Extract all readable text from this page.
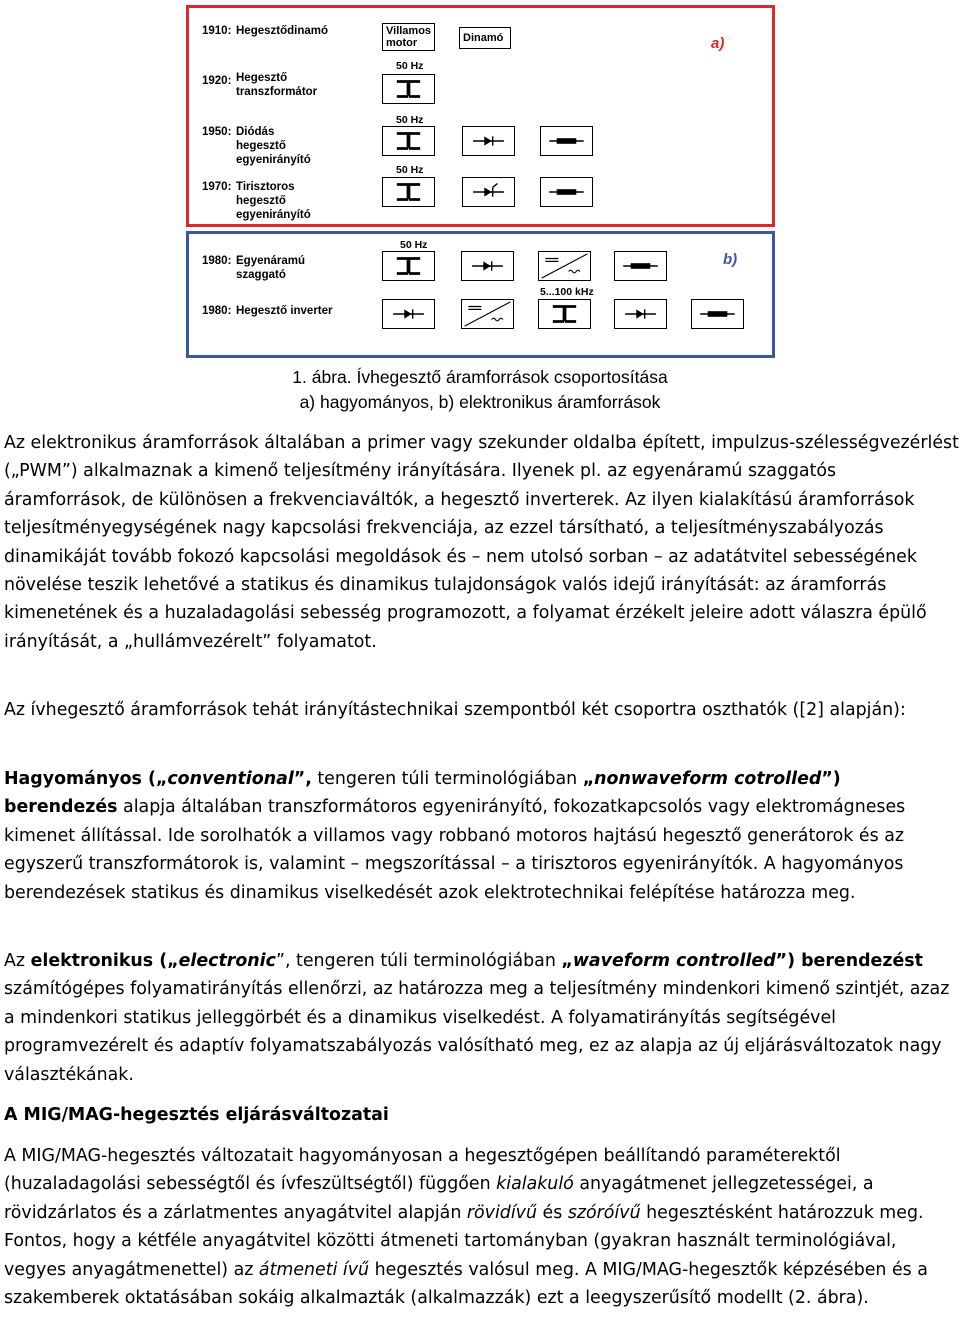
a)
1910: Hegesztődinamó
1920: Hegesztő
transzformátor
1950: Diódás
hegesztő
egyenirányító
1970: Tirisztoros
hegesztő
egyenirányító
Villamos
motor	Dinamó
50 Hz
50 Hz
50 Hz
b)
1980: Egyenáramú
szaggató
1980: Hegesztő inverter
50 Hz
5...100 kHz
1. ábra. Ívhegesztő áramforrások csoportosítása
a) hagyományos, b) elektronikus áramforrások

Az elektronikus áramforrások általában a primer vagy szekunder oldalba épített, impulzus-szélességvezérlést („PWM”) alkalmaznak a kimenő teljesítmény irányítására. Ilyenek pl. az egyenáramú szaggatós áramforrások, de különösen a frekvenciaváltók, a hegesztő inverterek. Az ilyen kialakítású áramforrások teljesítményegységének nagy kapcsolási frekvenciája, az ezzel társítható, a teljesítményszabályozás dinamikáját tovább fokozó kapcsolási megoldások és – nem utolsó sorban – az adatátvitel sebességének növelése teszik lehetővé a statikus és dinamikus tulajdonságok valós idejű irányítását: az áramforrás kimenetének és a huzaladagolási sebesség programozott, a folyamat érzékelt jeleire adott válaszra épülő irányítását, a „hullámvezérelt” folyamatot.

Az ívhegesztő áramforrások tehát irányítástechnikai szempontból két csoportra oszthatók ([2] alapján):

Hagyományos („conventional”, tengeren túli terminológiában „nonwaveform cotrolled”) berendezés alapja általában transzformátoros egyenirányító, fokozatkapcsolós vagy elektromágneses kimenet állítással. Ide sorolhatók a villamos vagy robbanó motoros hajtású hegesztő generátorok és az egyszerű transzformátorok is, valamint – megszorítással – a tirisztoros egyenirányítók. A hagyományos berendezések statikus és dinamikus viselkedését azok elektrotechnikai felépítése határozza meg.

Az elektronikus („electronic”, tengeren túli terminológiában „waveform controlled”) berendezést számítógépes folyamatirányítás ellenőrzi, az határozza meg a teljesítmény mindenkori kimenő szintjét, azaz a mindenkori statikus jelleggörbét és a dinamikus viselkedést. A folyamatirányítás segítségével programvezérelt és adaptív folyamatszabályozás valósítható meg, ez az alapja az új eljárásváltozatok nagy választékának.

A MIG/MAG-hegesztés eljárásváltozatai

A MIG/MAG-hegesztés változatait hagyományosan a hegesztőgépen beállítandó paraméterektől (huzaladagolási sebességtől és ívfeszültségtől) függően kialakuló anyagátmenet jellegzetességei, a rövidzárlatos és a zárlatmentes anyagátvitel alapján rövidívű és szóróívű hegesztésként határozzuk meg. Fontos, hogy a kétféle anyagátvitel közötti átmeneti tartományban (gyakran használt terminológiával, vegyes anyagátmenettel) az átmeneti ívű hegesztés valósul meg. A MIG/MAG-hegesztők képzésében és a szakemberek oktatásában sokáig alkalmazták (alkalmazzák) ezt a leegyszerűsítő modellt (2. ábra).
